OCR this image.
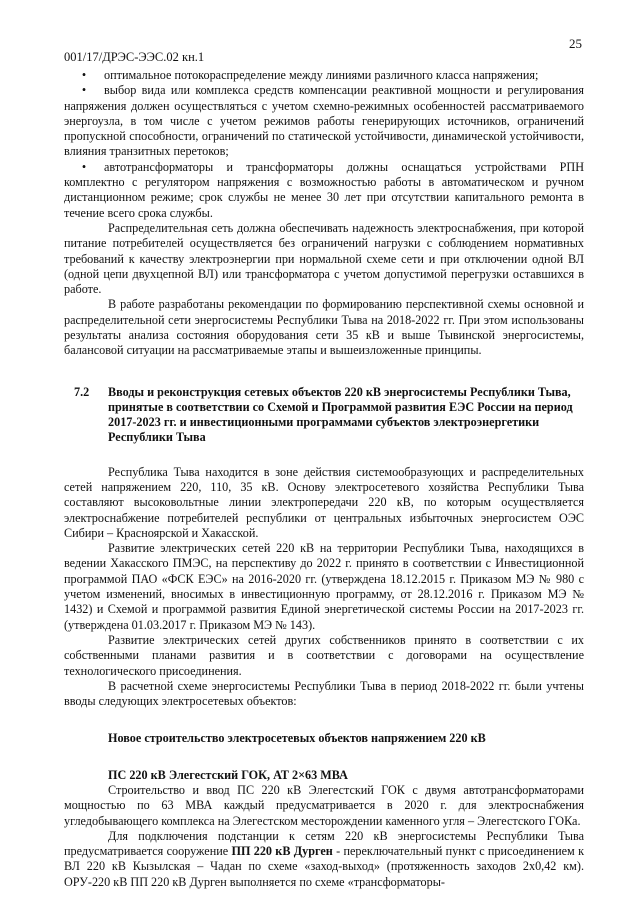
25
001/17/ДРЭС-ЭЭС.02 кн.1
•	оптимальное потокораспределение между линиями различного класса напряжения;
• выбор вида или комплекса средств компенсации реактивной мощности и регулирования напряжения должен осуществляться с учетом схемно-режимных особенностей рассматриваемого энергоузла, в том числе с учетом режимов работы генерирующих источников, ограничений пропускной способности, ограничений по статической устойчивости, динамической устойчивости, влияния транзитных перетоков;
• автотрансформаторы и трансформаторы должны оснащаться устройствами РПН комплектно с регулятором напряжения с возможностью работы в автоматическом и ручном дистанционном режиме; срок службы не менее 30 лет при отсутствии капитального ремонта в течение всего срока службы.

Распределительная сеть должна обеспечивать надежность электроснабжения, при которой питание потребителей осуществляется без ограничений нагрузки с соблюдением нормативных требований к качеству электроэнергии при нормальной схеме сети и при отключении одной ВЛ (одной цепи двухцепной ВЛ) или трансформатора с учетом допустимой перегрузки оставшихся в работе.

В работе разработаны рекомендации по формированию перспективной схемы основной и распределительной сети энергосистемы Республики Тыва на 2018-2022 гг. При этом использованы результаты анализа состояния оборудования сети 35 кВ и выше Тывинской энергосистемы, балансовой ситуации на рассматриваемые этапы и вышеизложенные принципы.

7.2	Вводы и реконструкция сетевых объектов 220 кВ энергосистемы Республики Тыва, принятые в соответствии со Схемой и Программой развития ЕЭС России на период 2017-2023 гг. и инвестиционными программами субъектов электроэнергетики Республики Тыва

Республика Тыва находится в зоне действия системообразующих и распределительных сетей напряжением 220, 110, 35 кВ. Основу электросетевого хозяйства Республики Тыва составляют высоковольтные линии электропередачи 220 кВ, по которым осуществляется электроснабжение потребителей республики от центральных избыточных энергосистем ОЭС Сибири – Красноярской и Хакасской.

Развитие электрических сетей 220 кВ на территории Республики Тыва, находящихся в ведении Хакасского ПМЭС, на перспективу до 2022 г. принято в соответствии с Инвестиционной программой ПАО «ФСК ЕЭС» на 2016-2020 гг. (утверждена 18.12.2015 г. Приказом МЭ № 980 с учетом изменений, вносимых в инвестиционную программу, от 28.12.2016 г. Приказом МЭ № 1432) и Схемой и программой развития Единой энергетической системы России на 2017-2023 гг. (утверждена 01.03.2017 г. Приказом МЭ № 143).

Развитие электрических сетей других собственников принято в соответствии с их собственными планами развития и в соответствии с договорами на осуществление технологического присоединения.

В расчетной схеме энергосистемы Республики Тыва в период 2018-2022 гг. были учтены вводы следующих электросетевых объектов:

Новое строительство электросетевых объектов напряжением 220 кВ
ПС 220 кВ Элегестский ГОК, АТ 2×63 МВА

Строительство и ввод ПС 220 кВ Элегестский ГОК с двумя автотрансформаторами мощностью по 63 МВА каждый предусматривается в 2020 г. для электроснабжения угледобывающего комплекса на Элегестском месторождении каменного угля – Элегестского ГОКа.

Для подключения подстанции к сетям 220 кВ энергосистемы Республики Тыва предусматривается сооружение ПП 220 кВ Дурген - переключательный пункт с присоединением к ВЛ 220 кВ Кызылская – Чадан по схеме «заход-выход» (протяженность заходов 2х0,42 км). ОРУ-220 кВ ПП 220 кВ Дурген выполняется по схеме «трансформаторы-
